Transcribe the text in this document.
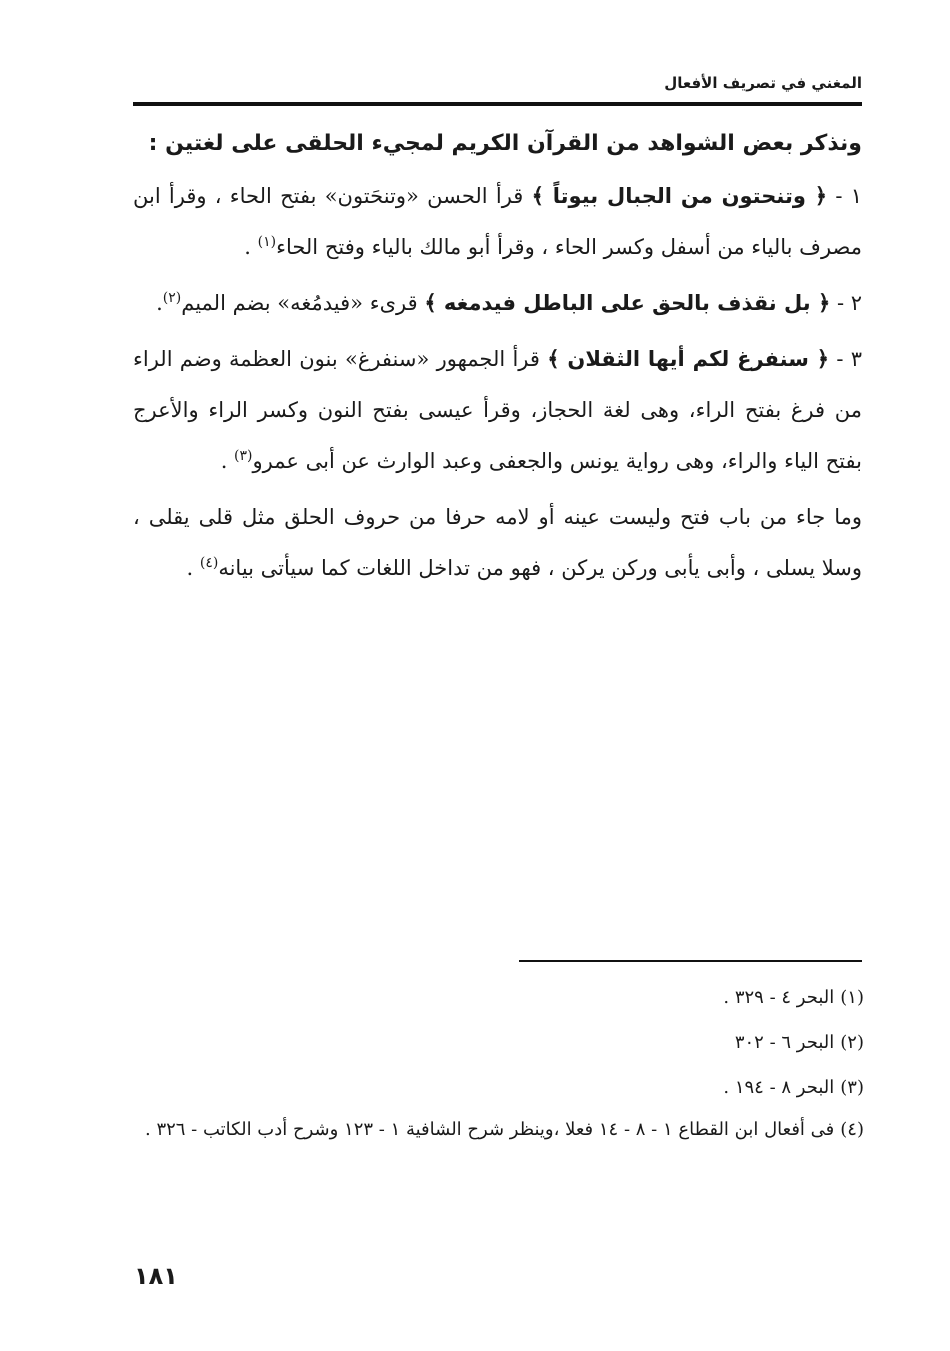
المغني في تصريف الأفعال

ونذكر بعض الشواهد من القرآن الكريم لمجيء الحلقى على لغتين :

١ - ﴿ وتنحتون من الجبال بيوتاً ﴾ قرأ الحسن «وتنحَتون» بفتح الحاء ، وقرأ ابن مصرف بالياء من أسفل وكسر الحاء ، وقرأ أبو مالك بالياء وفتح الحاء$^{(١)}$ .

٢ - ﴿ بل نقذف بالحق على الباطل فيدمغه ﴾ قرىء «فيدمُغه» بضم الميم$^{(٢)}$.

٣ - ﴿ سنفرغ لكم أيها الثقلان ﴾ قرأ الجمهور «سنفرغ» بنون العظمة وضم الراء من فرغ بفتح الراء، وهى لغة الحجاز، وقرأ عيسى بفتح النون وكسر الراء والأعرج بفتح الياء والراء، وهى رواية يونس والجعفى وعبد الوارث عن أبى عمرو$^{(٣)}$ .

وما جاء من باب فتح وليست عينه أو لامه حرفا من حروف الحلق مثل قلى يقلى ، وسلا يسلى ، وأبى يأبى وركن يركن ، فهو من تداخل اللغات كما سيأتى بيانه$^{(٤)}$ .

(١)البحر ٤ - ٣٢٩ .

(٢)البحر ٦ - ٣٠٢

(٣)البحر ٨ - ١٩٤ .

(٤)فى أفعال ابن القطاع ١ - ٨ - ١٤ فعلا ،وينظر شرح الشافية ١ - ١٢٣ وشرح أدب الكاتب - ٣٢٦ .

١٨١
